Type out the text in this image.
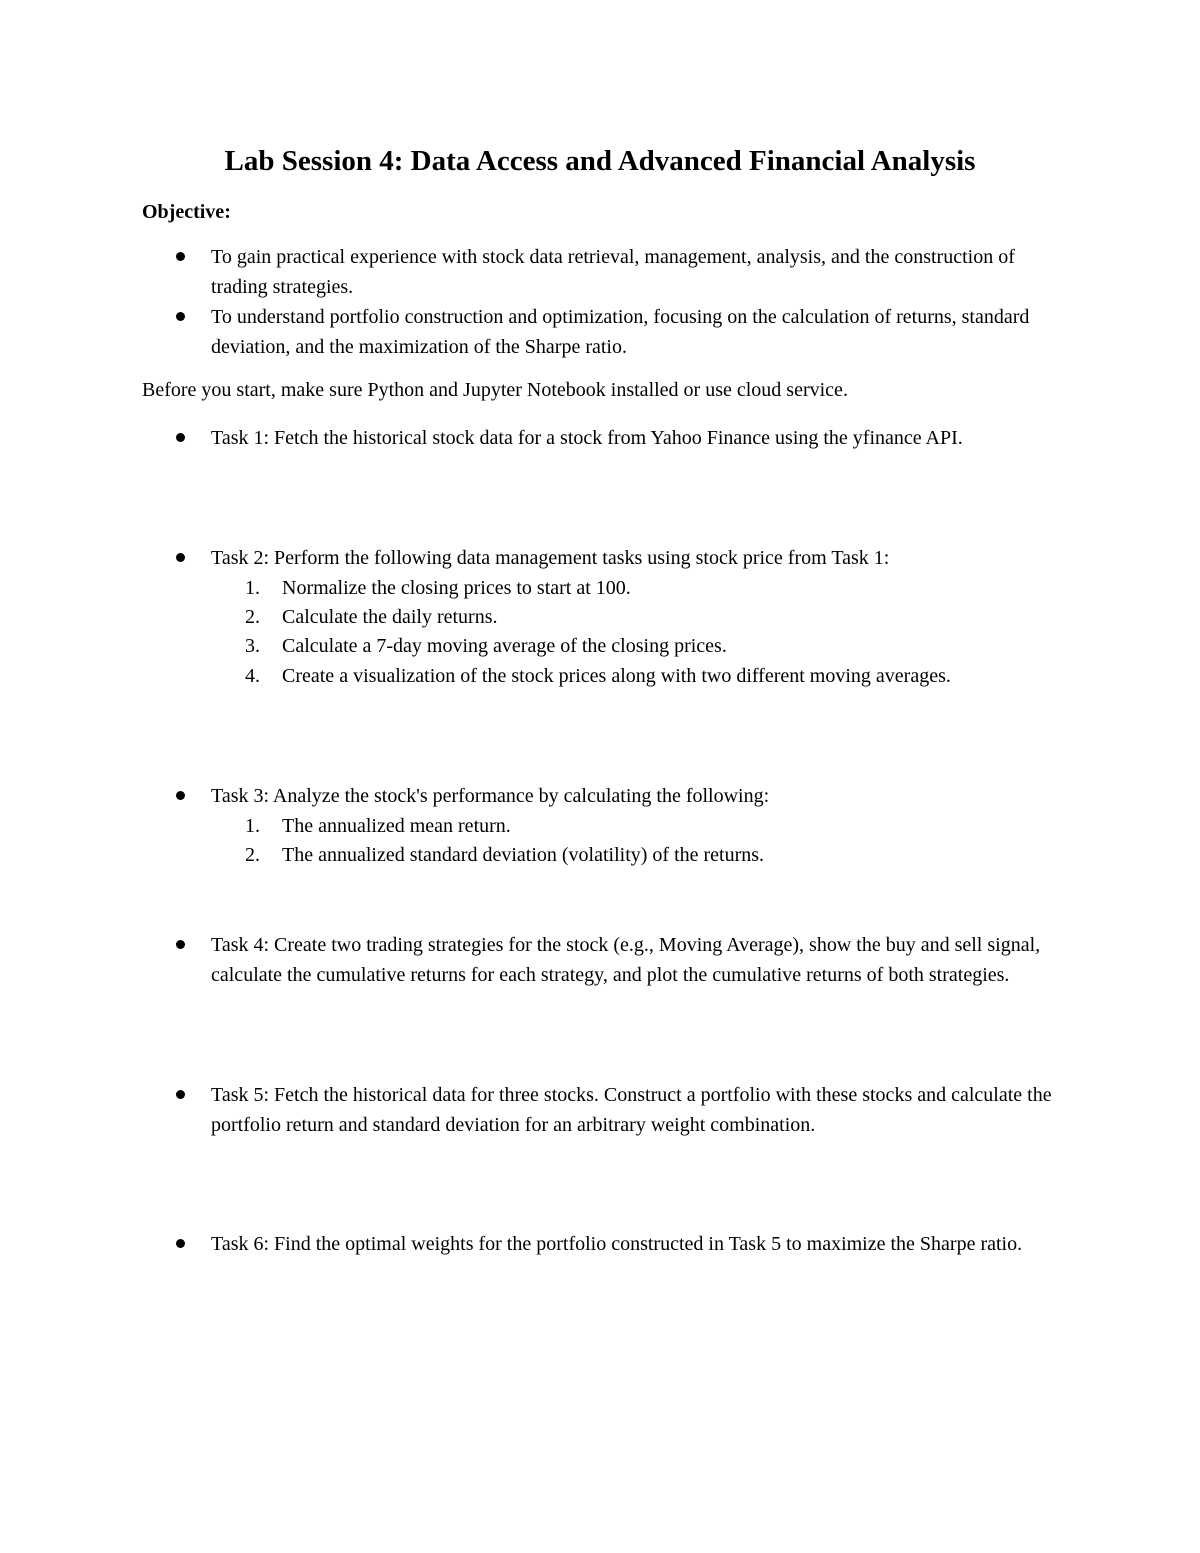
Lab Session 4: Data Access and Advanced Financial Analysis
Objective:
To gain practical experience with stock data retrieval, management, analysis, and the construction of trading strategies.
To understand portfolio construction and optimization, focusing on the calculation of returns, standard deviation, and the maximization of the Sharpe ratio.
Before you start, make sure Python and Jupyter Notebook installed or use cloud service.
Task 1: Fetch the historical stock data for a stock from Yahoo Finance using the yfinance API.
Task 2: Perform the following data management tasks using stock price from Task 1:
1.	Normalize the closing prices to start at 100.
2.	Calculate the daily returns.
3.	Calculate a 7-day moving average of the closing prices.
4.	Create a visualization of the stock prices along with two different moving averages.
Task 3: Analyze the stock's performance by calculating the following:
1.	The annualized mean return.
2.	The annualized standard deviation (volatility) of the returns.
Task 4: Create two trading strategies for the stock (e.g., Moving Average), show the buy and sell signal, calculate the cumulative returns for each strategy, and plot the cumulative returns of both strategies.
Task 5: Fetch the historical data for three stocks. Construct a portfolio with these stocks and calculate the portfolio return and standard deviation for an arbitrary weight combination.
Task 6: Find the optimal weights for the portfolio constructed in Task 5 to maximize the Sharpe ratio.
